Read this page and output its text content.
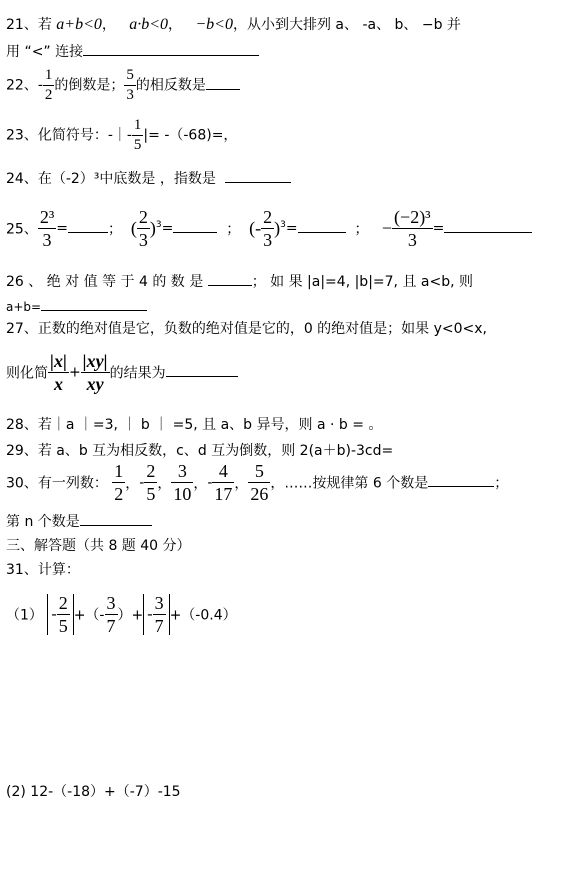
21、若 a+b<0， a·b<0， −b<0，从小到大排列 a、 -a、 b、 −b 并
用 “<” 连接
22、- $\frac{1}{2}$ 的倒数是； $\frac{5}{3}$ 的相反数是
23、化简符号：-｜- $\frac{1}{5}$ |= -（-68)=，
24、在（-2）³中底数是 ，指数是
25、 $\frac{\text{2³}}{3}$ =	； ( $\frac{2}{3} )^3=$	； (- $\frac{2}{3} )^3=$	； − $\frac{\text{(−2)³}}{3}$ =
26 、 绝 对 值 等 于 4 的 数 是	； 如 果 |a|=4, |b|=7, 且 a<b, 则
a+b=
27、正数的绝对值是它，负数的绝对值是它的，0 的绝对值是；如果 y<0<x,
则化简 $\frac{|x|}{x} + \frac{|xy|}{xy}$ 的结果为
28、若｜a ｜=3, ｜ b ｜ =5, 且 a、b 异号，则 a · b = 。
29、若 a、b 互为相反数，c、d 互为倒数，则 2(a＋b)-3cd=
30、有一列数： $\frac{1}{2}$ ，- $\frac{2}{5}$ ， $\frac{3}{10}$ ，- $\frac{4}{17}$ ， $\frac{5}{26}$ ，……按规律第 6 个数是	；
第 n 个数是
三、解答题（共 8 题 40 分）
31、计算：
$(1) - \frac{2}{5}$ +（- $\frac{3}{7}$ ）+ - $\frac{3}{7} +(-0.4)$
(2) 12-（-18）+（-7）-15
